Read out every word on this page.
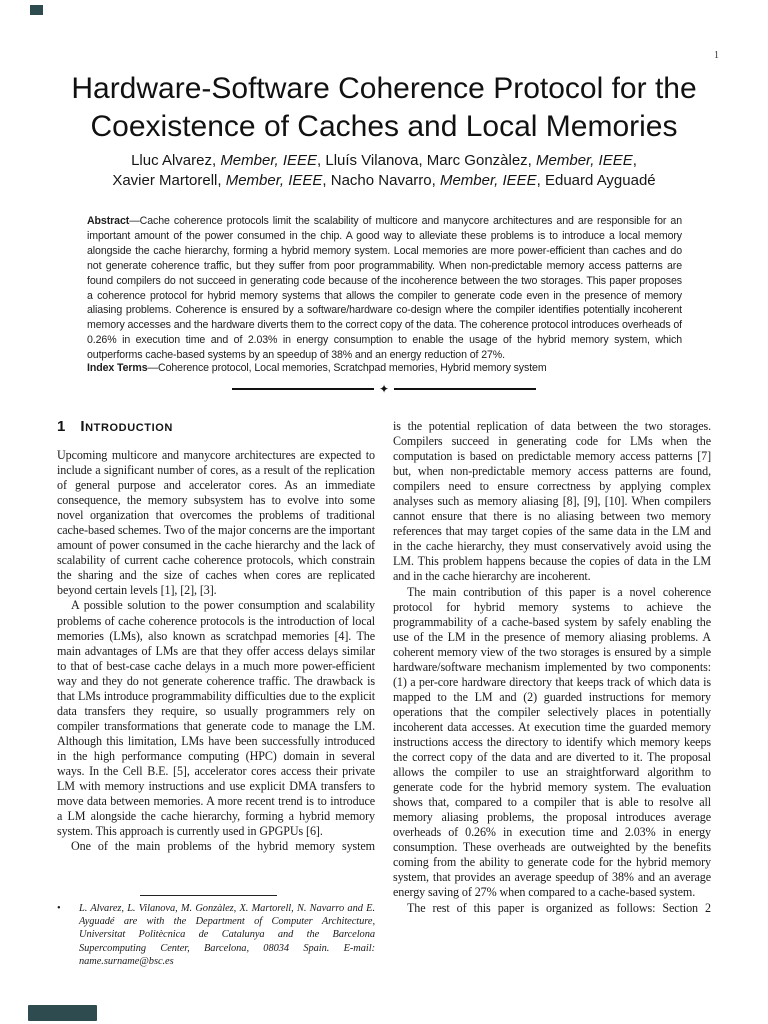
1
Hardware-Software Coherence Protocol for the
Coexistence of Caches and Local Memories
Lluc Alvarez, Member, IEEE, Lluís Vilanova, Marc Gonzàlez, Member, IEEE,
Xavier Martorell, Member, IEEE, Nacho Navarro, Member, IEEE, Eduard Ayguadé
Abstract—Cache coherence protocols limit the scalability of multicore and manycore architectures and are responsible for an important amount of the power consumed in the chip. A good way to alleviate these problems is to introduce a local memory alongside the cache hierarchy, forming a hybrid memory system. Local memories are more power-efficient than caches and do not generate coherence traffic, but they suffer from poor programmability. When non-predictable memory access patterns are found compilers do not succeed in generating code because of the incoherence between the two storages. This paper proposes a coherence protocol for hybrid memory systems that allows the compiler to generate code even in the presence of memory aliasing problems. Coherence is ensured by a software/hardware co-design where the compiler identifies potentially incoherent memory accesses and the hardware diverts them to the correct copy of the data. The coherence protocol introduces overheads of 0.26% in execution time and of 2.03% in energy consumption to enable the usage of the hybrid memory system, which outperforms cache-based systems by an speedup of 38% and an energy reduction of 27%.
Index Terms—Coherence protocol, Local memories, Scratchpad memories, Hybrid memory system
✦
1 Introduction

Upcoming multicore and manycore architectures are expected to include a significant number of cores, as a result of the replication of general purpose and accelerator cores. As an immediate consequence, the memory subsystem has to evolve into some novel organization that overcomes the problems of traditional cache-based schemes. Two of the major concerns are the important amount of power consumed in the cache hierarchy and the lack of scalability of current cache coherence protocols, which constrain the sharing and the size of caches when cores are replicated beyond certain levels [1], [2], [3].

A possible solution to the power consumption and scalability problems of cache coherence protocols is the introduction of local memories (LMs), also known as scratchpad memories [4]. The main advantages of LMs are that they offer access delays similar to that of best-case cache delays in a much more power-efficient way and they do not generate coherence traffic. The drawback is that LMs introduce programmability difficulties due to the explicit data transfers they require, so usually programmers rely on compiler transformations that generate code to manage the LM. Although this limitation, LMs have been successfully introduced in the high performance computing (HPC) domain in several ways. In the Cell B.E. [5], accelerator cores access their private LM with memory instructions and use explicit DMA transfers to move data between memories. A more recent trend is to introduce a LM alongside the cache hierarchy, forming a hybrid memory system. This approach is currently used in GPGPUs [6].

One of the main problems of the hybrid memory system

•	L. Alvarez, L. Vilanova, M. Gonzàlez, X. Martorell, N. Navarro and E. Ayguadé are with the Department of Computer Architecture, Universitat Politècnica de Catalunya and the Barcelona Supercomputing Center, Barcelona, 08034 Spain. E-mail: name.surname@bsc.es

is the potential replication of data between the two storages. Compilers succeed in generating code for LMs when the computation is based on predictable memory access patterns [7] but, when non-predictable memory access patterns are found, compilers need to ensure correctness by applying complex analyses such as memory aliasing [8], [9], [10]. When compilers cannot ensure that there is no aliasing between two memory references that may target copies of the same data in the LM and in the cache hierarchy, they must conservatively avoid using the LM. This problem happens because the copies of data in the LM and in the cache hierarchy are incoherent.

The main contribution of this paper is a novel coherence protocol for hybrid memory systems to achieve the programmability of a cache-based system by safely enabling the use of the LM in the presence of memory aliasing problems. A coherent memory view of the two storages is ensured by a simple hardware/software mechanism implemented by two components: (1) a per-core hardware directory that keeps track of which data is mapped to the LM and (2) guarded instructions for memory operations that the compiler selectively places in potentially incoherent data accesses. At execution time the guarded memory instructions access the directory to identify which memory keeps the correct copy of the data and are diverted to it. The proposal allows the compiler to use an straightforward algorithm to generate code for the hybrid memory system. The evaluation shows that, compared to a compiler that is able to resolve all memory aliasing problems, the proposal introduces average overheads of 0.26% in execution time and 2.03% in energy consumption. These overheads are outweighted by the benefits coming from the ability to generate code for the hybrid memory system, that provides an average speedup of 38% and an average energy saving of 27% when compared to a cache-based system.

The rest of this paper is organized as follows: Section 2
